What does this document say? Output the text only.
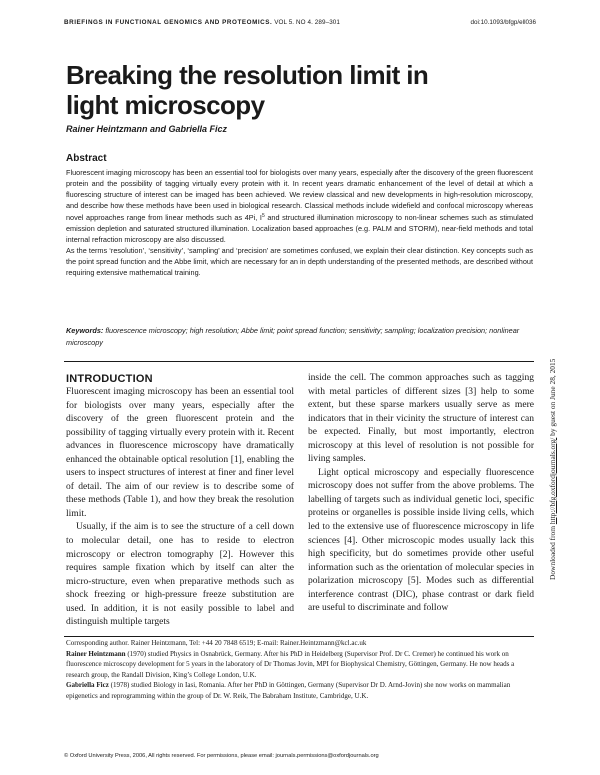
BRIEFINGS IN FUNCTIONAL GENOMICS AND PROTEOMICS. VOL 5. NO 4. 289–301	doi:10.1093/bfgp/ell036
Breaking the resolution limit in
light microscopy
Rainer Heintzmann and Gabriella Ficz
Abstract

Fluorescent imaging microscopy has been an essential tool for biologists over many years, especially after the discovery of the green fluorescent protein and the possibility of tagging virtually every protein with it. In recent years dramatic enhancement of the level of detail at which a fluorescing structure of interest can be imaged has been achieved. We review classical and new developments in high-resolution microscopy, and describe how these methods have been used in biological research. Classical methods include widefield and confocal microscopy whereas novel approaches range from linear methods such as 4Pi, $I^5$ and structured illumination microscopy to non-linear schemes such as stimulated emission depletion and saturated structured illumination. Localization based approaches (e.g. PALM and STORM), near-field methods and total internal refraction microscopy are also discussed.

As the terms ‘resolution’, ‘sensitivity’, ‘sampling’ and ‘precision’ are sometimes confused, we explain their clear distinction. Key concepts such as the point spread function and the Abbe limit, which are necessary for an in depth understanding of the presented methods, are described without requiring extensive mathematical training.

Keywords: fluorescence microscopy; high resolution; Abbe limit; point spread function; sensitivity; sampling; localization precision; nonlinear microscopy
INTRODUCTION

Fluorescent imaging microscopy has been an essential tool for biologists over many years, especially after the discovery of the green fluorescent protein and the possibility of tagging virtually every protein with it. Recent advances in fluorescence microscopy have dramatically enhanced the obtainable optical resolution [1], enabling the users to inspect structures of interest at finer and finer level of detail. The aim of our review is to describe some of these methods (Table 1), and how they break the resolution limit.

Usually, if the aim is to see the structure of a cell down to molecular detail, one has to reside to electron microscopy or electron tomography [2]. However this requires sample fixation which by itself can alter the micro-structure, even when preparative methods such as shock freezing or high-pressure freeze substitution are used. In addition, it is not easily possible to label and distinguish multiple targets

inside the cell. The common approaches such as tagging with metal particles of different sizes [3] help to some extent, but these sparse markers usually serve as mere indicators that in their vicinity the structure of interest can be expected. Finally, but most importantly, electron microscopy at this level of resolution is not possible for living samples.

Light optical microscopy and especially fluorescence microscopy does not suffer from the above problems. The labelling of targets such as individual genetic loci, specific proteins or organelles is possible inside living cells, which led to the extensive use of fluorescence microscopy in life sciences [4]. Other microscopic modes usually lack this high specificity, but do sometimes provide other useful information such as the orientation of molecular species in polarization microscopy [5]. Modes such as differential interference contrast (DIC), phase contrast or dark field are useful to discriminate and follow

Corresponding author. Rainer Heintzmann, Tel: +44 20 7848 6519; E-mail: Rainer.Heintzmann@kcl.ac.uk

Rainer Heintzmann (1970) studied Physics in Osnabrück, Germany. After his PhD in Heidelberg (Supervisor Prof. Dr C. Cremer) he continued his work on fluorescence microscopy development for 5 years in the laboratory of Dr Thomas Jovin, MPI for Biophysical Chemistry, Göttingen, Germany. He now heads a research group, the Randall Division, King’s College London, U.K.

Gabriella Ficz (1978) studied Biology in Iasi, Romania. After her PhD in Göttingen, Germany (Supervisor Dr D. Arnd-Jovin) she now works on mammalian epigenetics and reprogramming within the group of Dr. W. Reik, The Babraham Institute, Cambridge, U.K.

© Oxford University Press, 2006, All rights reserved. For permissions, please email: journals.permissions@oxfordjournals.org
Downloaded from http://bfg.oxfordjournals.org/ by guest on June 28, 2015
